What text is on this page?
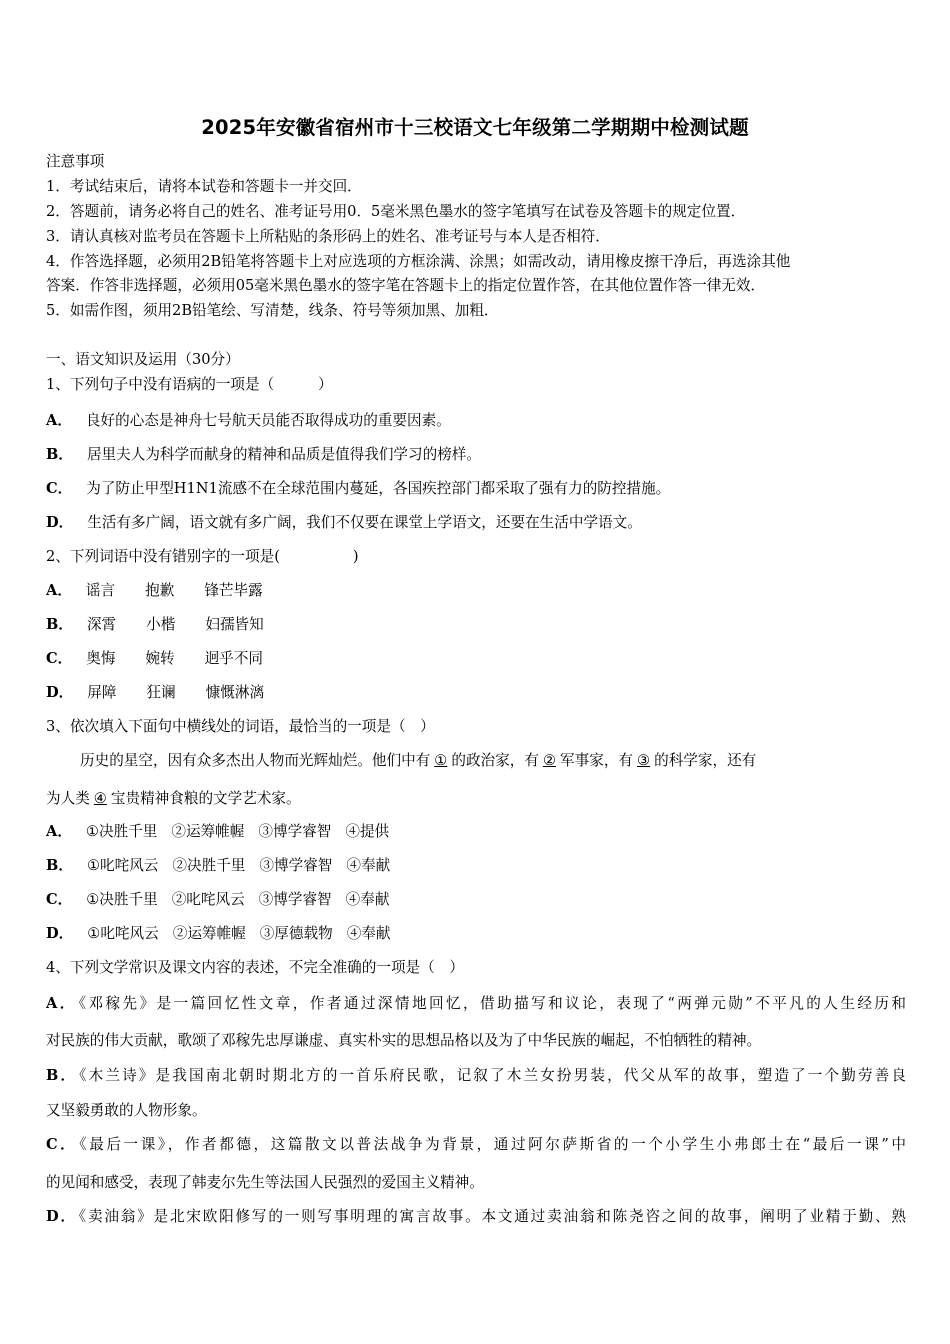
2025年安徽省宿州市十三校语文七年级第二学期期中检测试题
注意事项
1．考试结束后，请将本试卷和答题卡一并交回．
2．答题前，请务必将自己的姓名、准考证号用0．5毫米黑色墨水的签字笔填写在试卷及答题卡的规定位置．
3．请认真核对监考员在答题卡上所粘贴的条形码上的姓名、准考证号与本人是否相符．
4．作答选择题，必须用2B铅笔将答题卡上对应选项的方框涂满、涂黑；如需改动，请用橡皮擦干净后，再选涂其他
答案．作答非选择题，必须用05毫米黑色墨水的签字笔在答题卡上的指定位置作答，在其他位置作答一律无效．
5．如需作图，须用2B铅笔绘、写清楚，线条、符号等须加黑、加粗．
一、语文知识及运用（30分）
1、下列句子中没有语病的一项是（　　　）
A． 良好的心态是神舟七号航天员能否取得成功的重要因素。
B． 居里夫人为科学而献身的精神和品质是值得我们学习的榜样。
C． 为了防止甲型H1N1流感不在全球范围内蔓延，各国疾控部门都采取了强有力的防控措施。
D． 生活有多广阔，语文就有多广阔，我们不仅要在课堂上学语文，还要在生活中学语文。
2、下列词语中没有错别字的一项是(　　　　　)
A． 谣言 抱歉 锋芒毕露
B． 深霄 小楷 妇孺皆知
C． 奥悔 婉转 迥乎不同
D． 屏障 狂谰 慷慨淋漓
3、依次填入下面句中横线处的词语，最恰当的一项是（　）
历史的星空，因有众多杰出人物而光辉灿烂。他们中有 ① 的政治家，有 ② 军事家，有 ③ 的科学家，还有
为人类 ④ 宝贵精神食粮的文学艺术家。
A． ①决胜千里 ②运筹帷幄 ③博学睿智 ④提供
B． ①叱咤风云 ②决胜千里 ③博学睿智 ④奉献
C． ①决胜千里 ②叱咤风云 ③博学睿智 ④奉献
D． ①叱咤风云 ②运筹帷幄 ③厚德载物 ④奉献
4、下列文学常识及课文内容的表述，不完全准确的一项是（　）
A． 《邓稼先》是一篇回忆性文章，作者通过深情地回忆，借助描写和议论，表现了“两弹元勋”不平凡的人生经历和
对民族的伟大贡献，歌颂了邓稼先忠厚谦虚、真实朴实的思想品格以及为了中华民族的崛起，不怕牺牲的精神。
B． 《木兰诗》是我国南北朝时期北方的一首乐府民歌，记叙了木兰女扮男装，代父从军的故事，塑造了一个勤劳善良
又坚毅勇敢的人物形象。
C． 《最后一课》，作者都德，这篇散文以普法战争为背景，通过阿尔萨斯省的一个小学生小弗郎士在“最后一课”中
的见闻和感受，表现了韩麦尔先生等法国人民强烈的爱国主义精神。
D． 《卖油翁》是北宋欧阳修写的一则写事明理的寓言故事。本文通过卖油翁和陈尧咨之间的故事，阐明了业精于勤、熟
